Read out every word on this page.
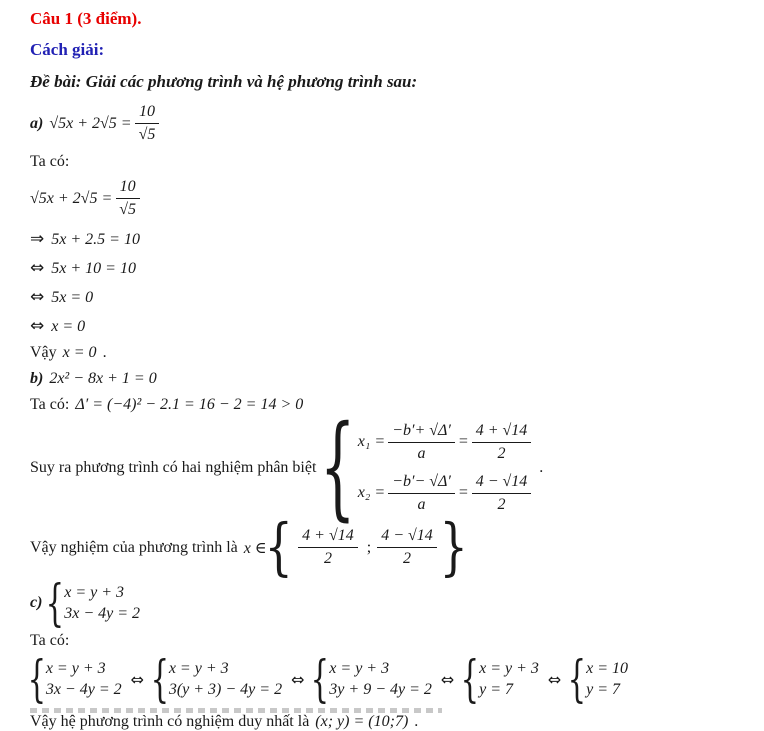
Câu 1 (3 điểm).
Cách giải:
Đề bài: Giải các phương trình và hệ phương trình sau:
a) $√5x + 2√5 = \frac{10}{√5}$
Ta có:
$√5x + 2√5 = \frac{10}{√5}$
⇒ 5x + 2.5 = 10
⇔ 5x + 10 = 10
⇔ 5x = 0
⇔ x = 0
Vậy x = 0 .
b) 2x² − 8x + 1 = 0
Ta có: Δ′ = (−4)² − 2.1 = 16 − 2 = 14 > 0
Suy ra phương trình có hai nghiệm phân biệt { $x_1 = \frac{-b'+ √\Delta'}{a} = \frac{4 + √14}{2}$
$x_2 = \frac{-b'- √\Delta'}{a} = \frac{4 - √14}{2}$
.
Vậy nghiệm của phương trình là x ∈
{ $\frac{4 + √14}{2}$ ; $\frac{4 - √14}{2}$ }
c) { x = y + 3
3x − 4y = 2
Ta có:
{ x = y + 3
3x − 4y = 2
⇔ { x = y + 3
3(y + 3) − 4y = 2
⇔ { x = y + 3
3y + 9 − 4y = 2
⇔ { x = y + 3
y = 7
⇔ { x = 10
y = 7
Vậy hệ phương trình có nghiệm duy nhất là (x; y) = (10;7) .
